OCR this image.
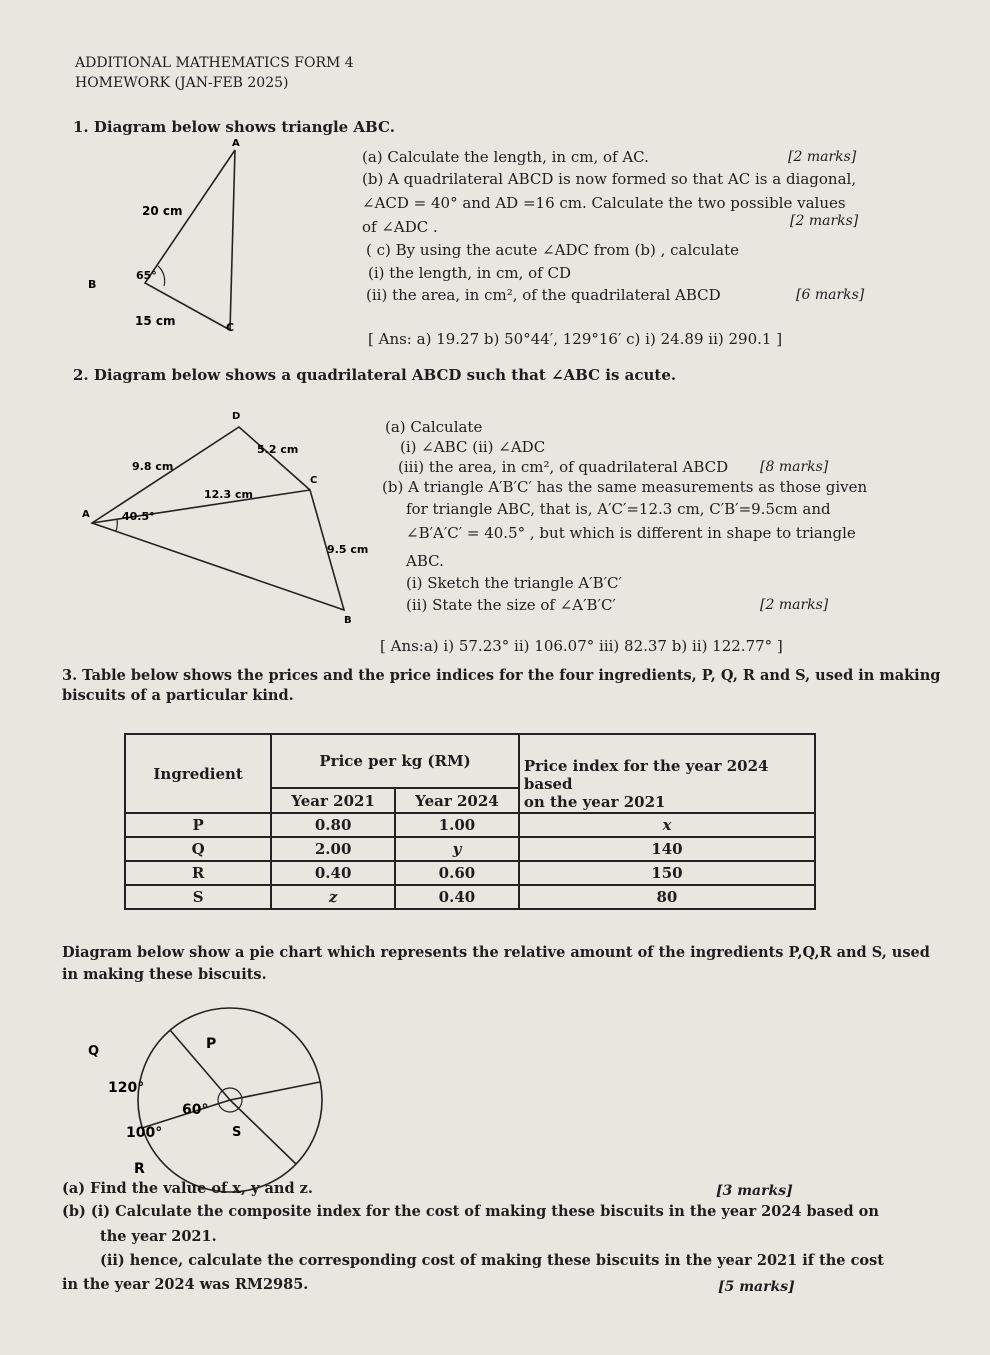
ADDITIONAL MATHEMATICS FORM 4
HOMEWORK (JAN-FEB 2025)
1. Diagram below shows triangle ABC.
A
B
C
20 cm
15 cm
65°
(a) Calculate the length, in cm, of AC.	[2 marks]
(b) A quadrilateral ABCD is now formed so that AC is a diagonal,
∠ACD = 40° and AD =16 cm. Calculate the two possible values
of ∠ADC .	[2 marks]
( c) By using the acute ∠ADC from (b) , calculate
(i) the length, in cm, of CD
(ii) the area, in cm², of the quadrilateral ABCD	[6 marks]
[ Ans: a) 19.27 b) 50°44′, 129°16′ c) i) 24.89 ii) 290.1 ]
2. Diagram below shows a quadrilateral ABCD such that ∠ABC is acute.
A
B
C
D
9.8 cm
5.2 cm
12.3 cm
9.5 cm
40.5°
(a) Calculate
(i) ∠ABC (ii) ∠ADC
(iii) the area, in cm², of quadrilateral ABCD [8 marks]
(b) A triangle A′B′C′ has the same measurements as those given
for triangle ABC, that is, A′C′=12.3 cm, C′B′=9.5cm and
∠B′A′C′ = 40.5° , but which is different in shape to triangle
ABC.
(i) Sketch the triangle A′B′C′
(ii) State the size of ∠A′B′C′	[2 marks]
[ Ans:a) i) 57.23° ii) 106.07° iii) 82.37 b) ii) 122.77° ]
3. Table below shows the prices and the price indices for the four ingredients, P, Q, R and S, used in making
biscuits of a particular kind.
Ingredient	Price per kg (RM)		Price index for the year 2024 based
on the year 2021

	Year 2021	Year 2024	
P	0.80	1.00	x
Q	2.00	y	140
R	0.40	0.60	150
S	z	0.40	80
Diagram below show a pie chart which represents the relative amount of the ingredients P,Q,R and S, used
in making these biscuits.
Q	P
R
S
120°
60°
100°
(a) Find the value of x, y and z.	[3 marks]
(b) (i) Calculate the composite index for the cost of making these biscuits in the year 2024 based on
the year 2021.
(ii) hence, calculate the corresponding cost of making these biscuits in the year 2021 if the cost
in the year 2024 was RM2985.	[5 marks]
